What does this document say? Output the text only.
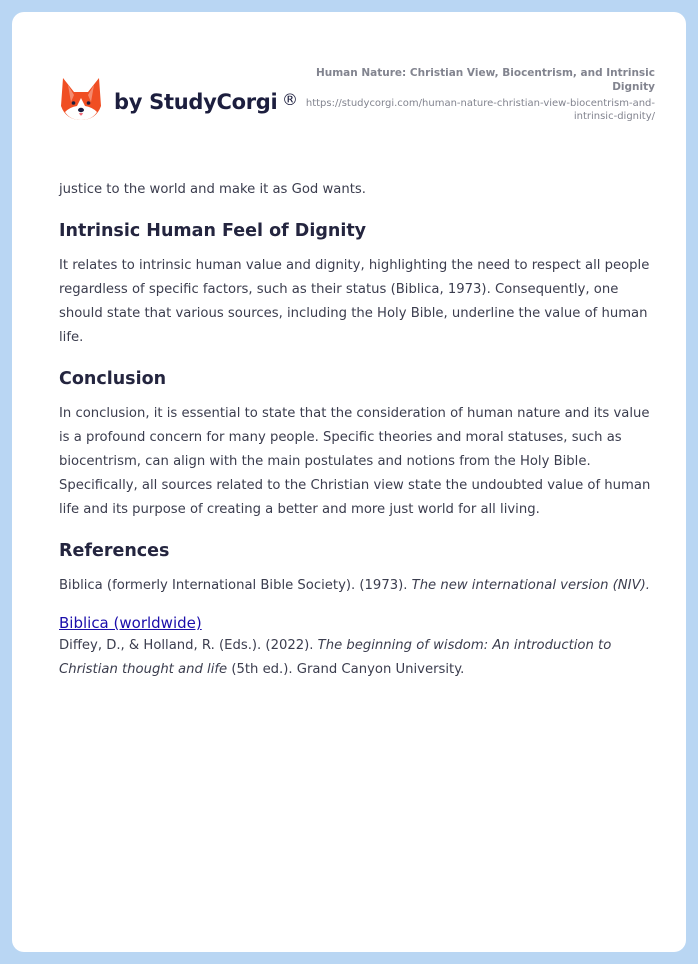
by StudyCorgi ®
Human Nature: Christian View, Biocentrism, and Intrinsic Dignity
https://studycorgi.com/human-nature-christian-view-biocentrism-and-intrinsic-dignity/

justice to the world and make it as God wants.

Intrinsic Human Feel of Dignity

It relates to intrinsic human value and dignity, highlighting the need to respect all people regardless of specific factors, such as their status (Biblica, 1973). Consequently, one should state that various sources, including the Holy Bible, underline the value of human life.

Conclusion

In conclusion, it is essential to state that the consideration of human nature and its value is a profound concern for many people. Specific theories and moral statuses, such as biocentrism, can align with the main postulates and notions from the Holy Bible. Specifically, all sources related to the Christian view state the undoubted value of human life and its purpose of creating a better and more just world for all living.

References

Biblica (formerly International Bible Society). (1973). The new international version (NIV).

Biblica (worldwide)

Diffey, D., & Holland, R. (Eds.). (2022). The beginning of wisdom: An introduction to Christian thought and life (5th ed.). Grand Canyon University.
